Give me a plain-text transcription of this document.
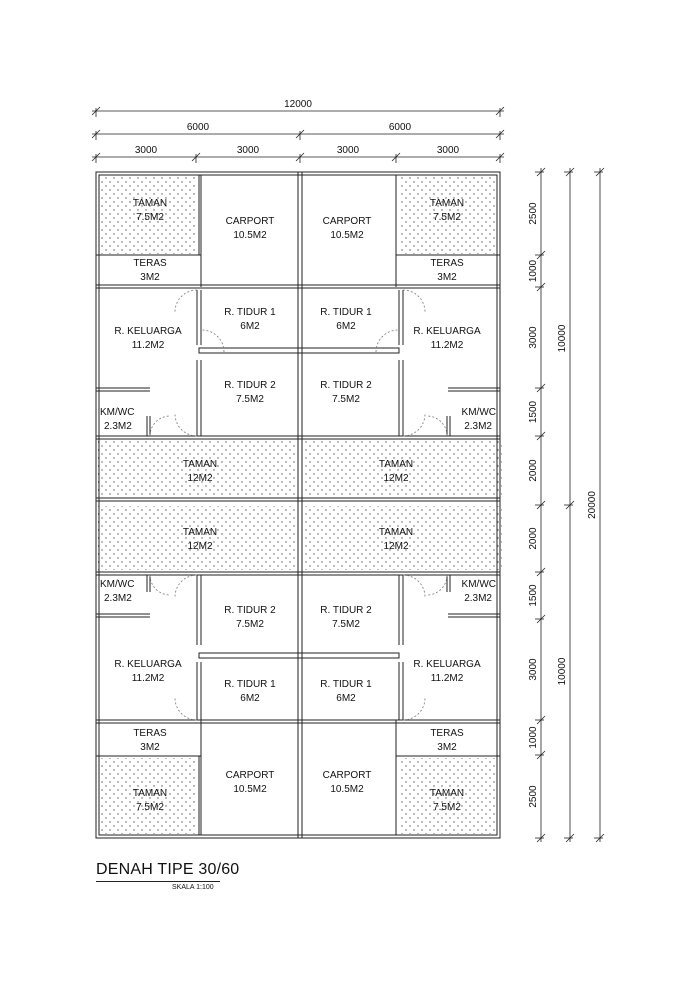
TAMAN
7.5M2
TAMAN
7.5M2
CARPORT
10.5M2
CARPORT
10.5M2
TERAS
3M2
TERAS
3M2
R. KELUARGA
11.2M2
R. KELUARGA
11.2M2
R. TIDUR 1
6M2
R. TIDUR 1
6M2
R. TIDUR 2
7.5M2
R. TIDUR 2
7.5M2
KM/WC
2.3M2
KM/WC
2.3M2
TAMAN
12M2
TAMAN
12M2
TAMAN
12M2
TAMAN
12M2
KM/WC
2.3M2
KM/WC
2.3M2
R. TIDUR 2
7.5M2
R. TIDUR 2
7.5M2
R. KELUARGA
11.2M2
R. KELUARGA
11.2M2
R. TIDUR 1
6M2
R. TIDUR 1
6M2
TERAS
3M2
TERAS
3M2
CARPORT
10.5M2
CARPORT
10.5M2
TAMAN
7.5M2
TAMAN
7.5M2
12000
6000	6000
3000	3000	3000	3000
2500
1000
3000
1500
2000
2000
1500
3000
1000
2500
10000
10000
20000
DENAH TIPE 30/60
SKALA 1:100
